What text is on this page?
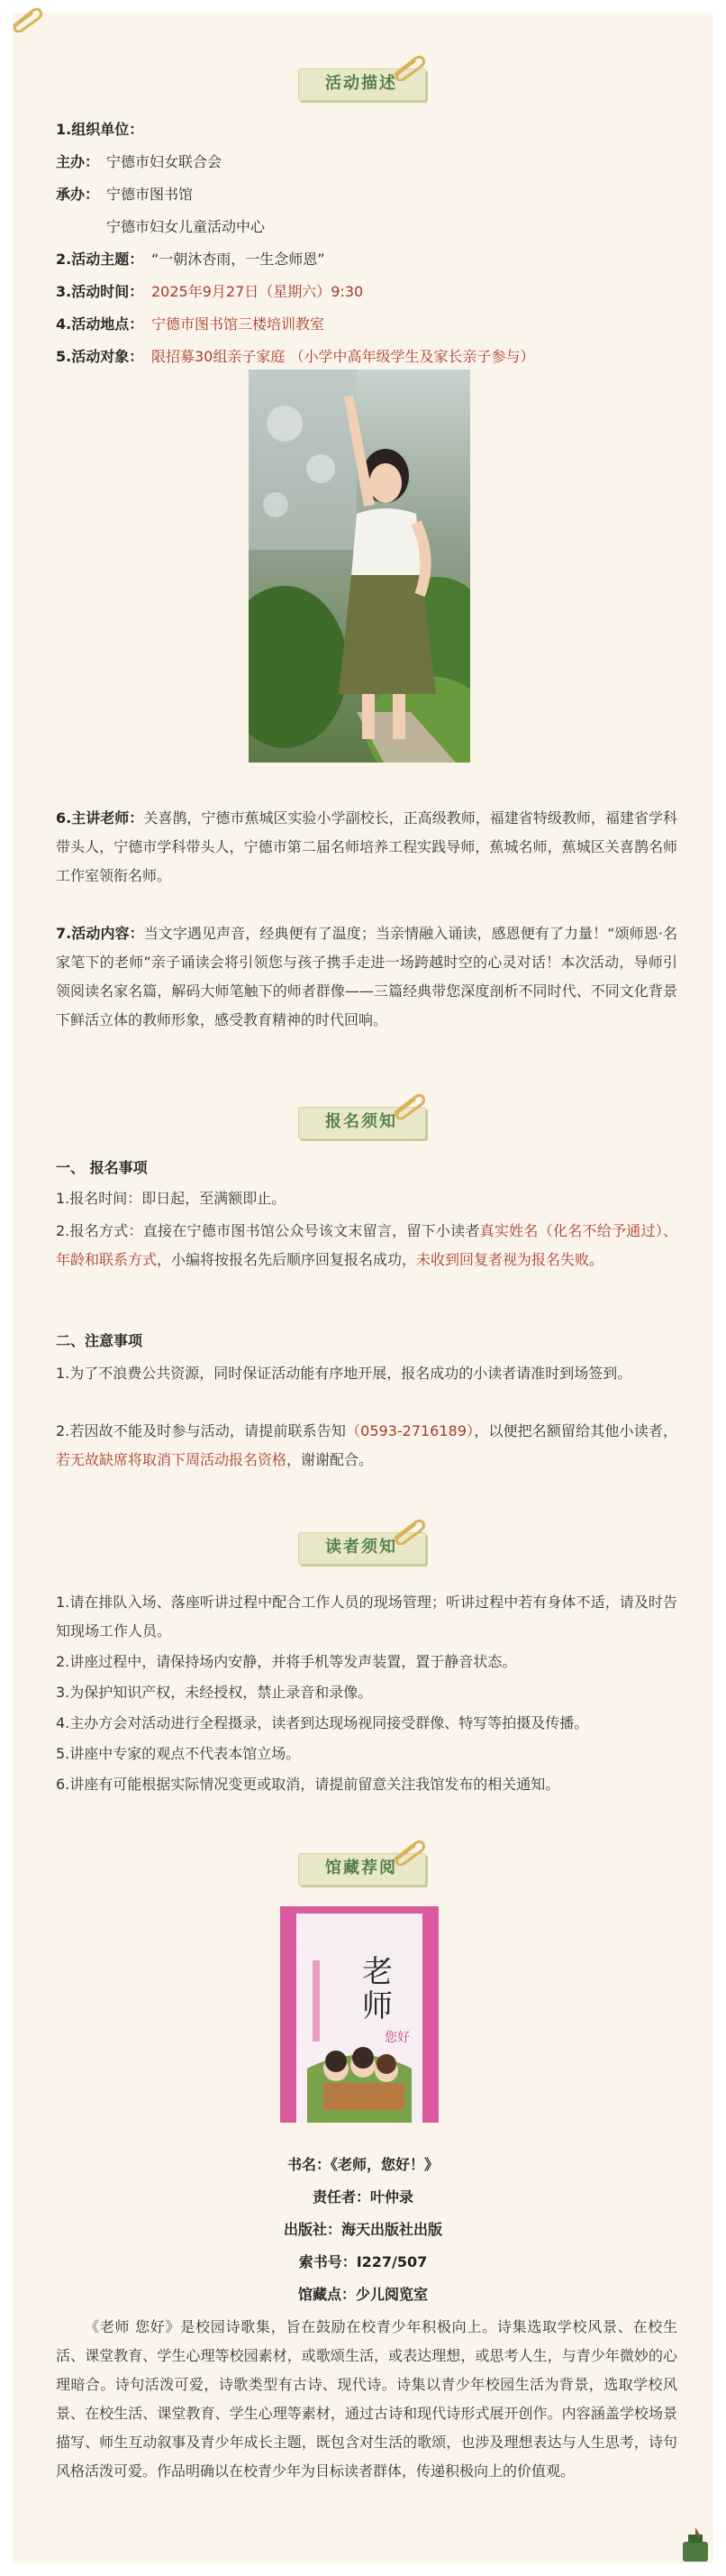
活动描述
1.组织单位：
主办： 宁德市妇女联合会
承办： 宁德市图书馆
宁德市妇女儿童活动中心
2.活动主题： “一朝沐杏雨，一生念师恩”
3.活动时间： 2025年9月27日（星期六）9:30
4.活动地点： 宁德市图书馆三楼培训教室
5.活动对象： 限招募30组亲子家庭 （小学中高年级学生及家长亲子参与）
6.主讲老师：关喜鹊，宁德市蕉城区实验小学副校长，正高级教师，福建省特级教师，福建省学科带头人，宁德市学科带头人，宁德市第二届名师培养工程实践导师，蕉城名师，蕉城区关喜鹊名师工作室领衔名师。
7.活动内容：当文字遇见声音，经典便有了温度；当亲情融入诵读，感恩便有了力量！“颂师恩·名家笔下的老师”亲子诵读会将引领您与孩子携手走进一场跨越时空的心灵对话！本次活动，导师引领阅读名家名篇，解码大师笔触下的师者群像——三篇经典带您深度剖析不同时代、不同文化背景下鲜活立体的教师形象，感受教育精神的时代回响。
报名须知
一、 报名事项
1.报名时间：即日起，至满额即止。
2.报名方式：直接在宁德市图书馆公众号该文末留言，留下小读者真实姓名（化名不给予通过）、年龄和联系方式，小编将按报名先后顺序回复报名成功，未收到回复者视为报名失败。
二、注意事项
1.为了不浪费公共资源，同时保证活动能有序地开展，报名成功的小读者请准时到场签到。
2.若因故不能及时参与活动，请提前联系告知（0593-2716189），以便把名额留给其他小读者，若无故缺席将取消下周活动报名资格，谢谢配合。
读者须知
1.请在排队入场、落座听讲过程中配合工作人员的现场管理；听讲过程中若有身体不适，请及时告知现场工作人员。
2.讲座过程中，请保持场内安静，并将手机等发声装置，置于静音状态。
3.为保护知识产权，未经授权，禁止录音和录像。
4.主办方会对活动进行全程摄录，读者到达现场视同接受群像、特写等拍摄及传播。
5.讲座中专家的观点不代表本馆立场。
6.讲座有可能根据实际情况变更或取消，请提前留意关注我馆发布的相关通知。
馆藏荐阅
老
师
您好
书名：《老师，您好！》
责任者：叶仲录
出版社：海天出版社出版
索书号：I227/507
馆藏点：少儿阅览室
《老师 您好》是校园诗歌集，旨在鼓励在校青少年积极向上。诗集选取学校风景、在校生活、课堂教育、学生心理等校园素材，或歌颂生活，或表达理想，或思考人生，与青少年微妙的心理暗合。诗句活泼可爱，诗歌类型有古诗、现代诗。诗集以青少年校园生活为背景，选取学校风景、在校生活、课堂教育、学生心理等素材，通过古诗和现代诗形式展开创作。内容涵盖学校场景描写、师生互动叙事及青少年成长主题，既包含对生活的歌颂，也涉及理想表达与人生思考，诗句风格活泼可爱。作品明确以在校青少年为目标读者群体，传递积极向上的价值观。
